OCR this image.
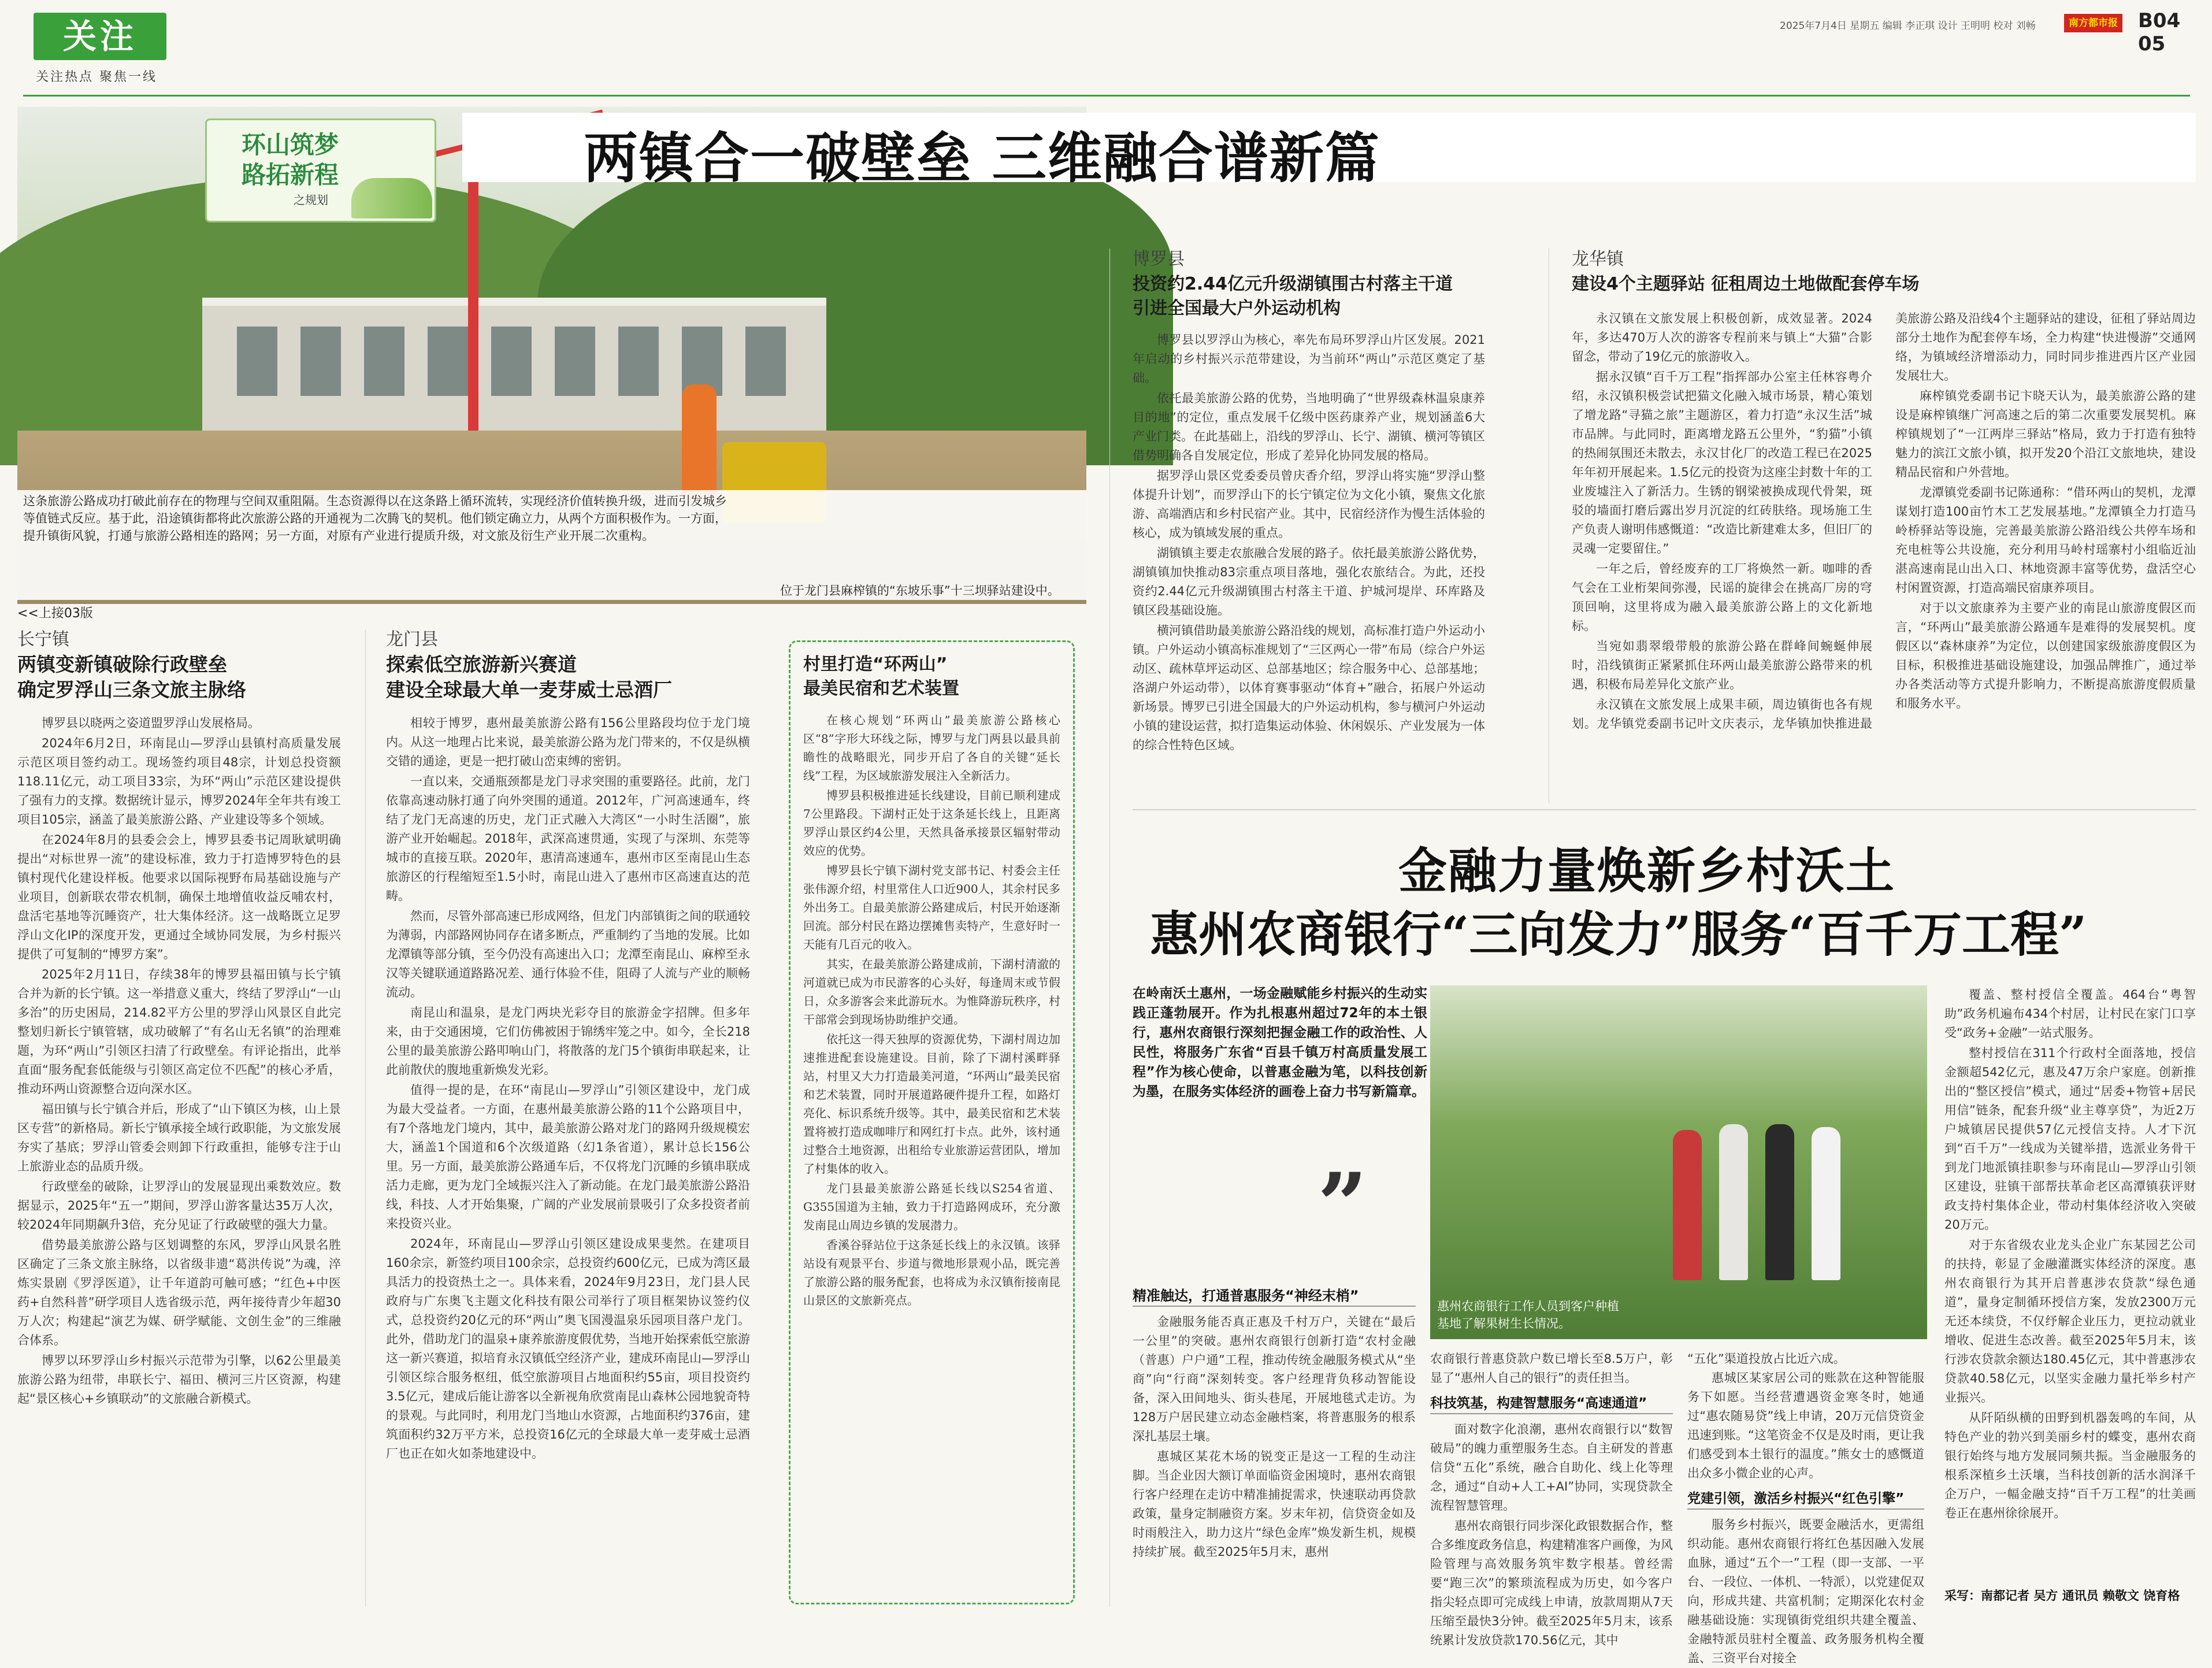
关注
关注热点 聚焦一线
2025年7月4日 星期五 编辑 李正琪 设计 王明明 校对 刘畅	南方都市报 B04 05
环山筑梦
路拓新程
之规划
两镇合一破壁垒 三维融合谱新篇
这条旅游公路成功打破此前存在的物理与空间双重阻隔。生态资源得以在这条路上循环流转，实现经济价值转换升级，进而引发城乡等值链式反应。基于此，沿途镇街都将此次旅游公路的开通视为二次腾飞的契机。他们锁定确立力，从两个方面积极作为。一方面，提升镇街风貌，打通与旅游公路相连的路网；另一方面，对原有产业进行提质升级，对文旅及衍生产业开展二次重构。
位于龙门县麻榨镇的“东坡乐事”十三坝驿站建设中。
<<上接03版
长宁镇
两镇变新镇破除行政壁垒
确定罗浮山三条文旅主脉络

博罗县以晓两之姿道盟罗浮山发展格局。

2024年6月2日，环南昆山—罗浮山县镇村高质量发展示范区项目签约动工。现场签约项目48宗，计划总投资额118.11亿元，动工项目33宗，为环“两山”示范区建设提供了强有力的支撑。数据统计显示，博罗2024年全年共有竣工项目105宗，涵盖了最美旅游公路、产业建设等多个领域。

在2024年8月的县委会会上，博罗县委书记周耿斌明确提出“对标世界一流”的建设标准，致力于打造博罗特色的县镇村现代化建设样板。他要求以国际视野布局基础设施与产业项目，创新联农带农机制，确保土地增值收益反哺农村，盘活宅基地等沉睡资产，壮大集体经济。这一战略既立足罗浮山文化IP的深度开发，更通过全域协同发展，为乡村振兴提供了可复制的“博罗方案”。

2025年2月11日，存续38年的博罗县福田镇与长宁镇合并为新的长宁镇。这一举措意义重大，终结了罗浮山“一山多治”的历史困局，214.82平方公里的罗浮山风景区自此完整划归新长宁镇管辖，成功破解了“有名山无名镇”的治理难题，为环“两山”引领区扫清了行政壁垒。有评论指出，此举直面“服务配套低能级与引领区高定位不匹配”的核心矛盾，推动环两山资源整合迈向深水区。

福田镇与长宁镇合并后，形成了“山下镇区为核，山上景区专营”的新格局。新长宁镇承接全域行政职能，为文旅发展夯实了基底；罗浮山管委会则卸下行政重担，能够专注于山上旅游业态的品质升级。

行政壁垒的破除，让罗浮山的发展显现出乘数效应。数据显示，2025年“五一”期间，罗浮山游客量达35万人次，较2024年同期飙升3倍，充分见证了行政破壁的强大力量。

借势最美旅游公路与区划调整的东风，罗浮山风景名胜区确定了三条文旅主脉络，以省级非遗“葛洪传说”为魂，淬炼实景剧《罗浮医道》，让千年道韵可触可感；“红色+中医药+自然科普”研学项目人选省级示范，两年接待青少年超30万人次；构建起“演艺为媒、研学赋能、文创生金”的三维融合体系。

博罗以环罗浮山乡村振兴示范带为引擎，以62公里最美旅游公路为纽带，串联长宁、福田、横河三片区资源，构建起“景区核心+乡镇联动”的文旅融合新模式。

龙门县
探索低空旅游新兴赛道
建设全球最大单一麦芽威士忌酒厂

相较于博罗，惠州最美旅游公路有156公里路段均位于龙门境内。从这一地理占比来说，最美旅游公路为龙门带来的，不仅是纵横交错的通途，更是一把打破山峦束缚的密钥。

一直以来，交通瓶颈都是龙门寻求突围的重要路径。此前，龙门依靠高速动脉打通了向外突围的通道。2012年，广河高速通车，终结了龙门无高速的历史，龙门正式融入大湾区“一小时生活圈”，旅游产业开始崛起。2018年，武深高速贯通，实现了与深圳、东莞等城市的直接互联。2020年，惠清高速通车，惠州市区至南昆山生态旅游区的行程缩短至1.5小时，南昆山进入了惠州市区高速直达的范畴。

然而，尽管外部高速已形成网络，但龙门内部镇街之间的联通较为薄弱，内部路网协同存在诸多断点，严重制约了当地的发展。比如龙潭镇等部分镇，至今仍没有高速出入口；龙潭至南昆山、麻榨至永汉等关键联通道路路况差、通行体验不佳，阻碍了人流与产业的顺畅流动。

南昆山和温泉，是龙门两块光彩夺目的旅游金字招牌。但多年来，由于交通困境，它们仿佛被困于锦绣牢笼之中。如今，全长218公里的最美旅游公路叩响山门，将散落的龙门5个镇街串联起来，让此前散伏的腹地重新焕发光彩。

值得一提的是，在环“南昆山—罗浮山”引领区建设中，龙门成为最大受益者。一方面，在惠州最美旅游公路的11个公路项目中，有7个落地龙门境内，其中，最美旅游公路对龙门的路网升级规模宏大，涵盖1个国道和6个次级道路（幻1条省道），累计总长156公里。另一方面，最美旅游公路通车后，不仅将龙门沉睡的乡镇串联成活力走廊，更为龙门全域振兴注入了新动能。在龙门最美旅游公路沿线，科技、人才开始集聚，广阔的产业发展前景吸引了众多投资者前来投资兴业。

2024年，环南昆山—罗浮山引领区建设成果斐然。在建项目160余宗，新签约项目100余宗，总投资约600亿元，已成为湾区最具活力的投资热土之一。具体来看，2024年9月23日，龙门县人民政府与广东奥飞主题文化科技有限公司举行了项目框架协议签约仪式，总投资约20亿元的环“两山”奥飞国漫温泉乐园项目落户龙门。此外，借助龙门的温泉+康养旅游度假优势，当地开始探索低空旅游这一新兴赛道，拟培育永汉镇低空经济产业，建成环南昆山—罗浮山引领区综合服务枢纽，低空旅游项目占地面积约55亩，项目投资约3.5亿元，建成后能让游客以全新视角欣赏南昆山森林公园地貌奇特的景观。与此同时，利用龙门当地山水资源，占地面积约376亩，建筑面积约32万平方米，总投资16亿元的全球最大单一麦芽威士忌酒厂也正在如火如荼地建设中。

村里打造“环两山”
最美民宿和艺术装置

在核心规划“环两山”最美旅游公路核心区“8”字形大环线之际，博罗与龙门两县以最具前瞻性的战略眼光，同步开启了各自的关键“延长线”工程，为区域旅游发展注入全新活力。

博罗县积极推进延长线建设，目前已顺利建成7公里路段。下湖村正处于这条延长线上，且距离罗浮山景区约4公里，天然具备承接景区辐射带动效应的优势。

博罗县长宁镇下湖村党支部书记、村委会主任张伟源介绍，村里常住人口近900人，其余村民多外出务工。自最美旅游公路建成后，村民开始逐渐回流。部分村民在路边摆摊售卖特产，生意好时一天能有几百元的收入。

其实，在最美旅游公路建成前，下湖村清澈的河道就已成为市民游客的心头好，每逢周末或节假日，众多游客会来此游玩水。为惟降游玩秩序，村干部常会到现场协助维护交通。

依托这一得天独厚的资源优势，下湖村周边加速推进配套设施建设。目前，除了下湖村溪畔驿站，村里又大力打造最美河道，“环两山”最美民宿和艺术装置，同时开展道路硬件提升工程，如路灯亮化、标识系统升级等。其中，最美民宿和艺术装置将被打造成咖啡厅和网红打卡点。此外，该村通过整合土地资源，出租给专业旅游运营团队，增加了村集体的收入。

龙门县最美旅游公路延长线以S254省道、G355国道为主轴，致力于打造路网成环，充分激发南昆山周边乡镇的发展潜力。

香溪谷驿站位于这条延长线上的永汉镇。该驿站设有观景平台、步道与微地形景观小品，既完善了旅游公路的服务配套，也将成为永汉镇衔接南昆山景区的文旅新亮点。

博罗县
投资约2.44亿元升级湖镇围古村落主干道
引进全国最大户外运动机构

博罗县以罗浮山为核心，率先布局环罗浮山片区发展。2021年启动的乡村振兴示范带建设，为当前环“两山”示范区奠定了基础。

依托最美旅游公路的优势，当地明确了“世界级森林温泉康养目的地”的定位，重点发展千亿级中医药康养产业，规划涵盖6大产业门类。在此基础上，沿线的罗浮山、长宁、湖镇、横河等镇区借势明确各自发展定位，形成了差异化协同发展的格局。

据罗浮山景区党委委员曾庆香介绍，罗浮山将实施“罗浮山整体提升计划”，而罗浮山下的长宁镇定位为文化小镇，聚焦文化旅游、高端酒店和乡村民宿产业。其中，民宿经济作为慢生活体验的核心，成为镇域发展的重点。

湖镇镇主要走农旅融合发展的路子。依托最美旅游公路优势，湖镇镇加快推动83宗重点项目落地，强化农旅结合。为此，还投资约2.44亿元升级湖镇围古村落主干道、护城河堤岸、环库路及镇区段基础设施。

横河镇借助最美旅游公路沿线的规划，高标准打造户外运动小镇。户外运动小镇高标准规划了“三区两心一带”布局（综合户外运动区、疏林草坪运动区、总部基地区；综合服务中心、总部基地；洛湖户外运动带），以体育赛事驱动“体育+”融合，拓展户外运动新场景。博罗已引进全国最大的户外运动机构，参与横河户外运动小镇的建设运营，拟打造集运动体验、休闲娱乐、产业发展为一体的综合性特色区域。

龙华镇
建设4个主题驿站 征租周边土地做配套停车场

永汉镇在文旅发展上积极创新，成效显著。2024年，多达470万人次的游客专程前来与镇上“大猫”合影留念，带动了19亿元的旅游收入。

据永汉镇“百千万工程”指挥部办公室主任林容粤介绍，永汉镇积极尝试把猫文化融入城市场景，精心策划了增龙路“寻猫之旅”主题游区，着力打造“永汉生活”城市品牌。与此同时，距离增龙路五公里外，“豹猫”小镇的热闹氛围还未散去，永汉甘化厂的改造工程已在2025年年初开展起来。1.5亿元的投资为这座尘封数十年的工业废墟注入了新活力。生锈的钢梁被换成现代骨架，斑驳的墙面打磨后露出岁月沉淀的红砖肤络。现场施工生产负责人谢明伟感慨道：“改造比新建难太多，但旧厂的灵魂一定要留住。”

一年之后，曾经废弃的工厂将焕然一新。咖啡的香气会在工业桁架间弥漫，民谣的旋律会在挑高厂房的穹顶回响，这里将成为融入最美旅游公路上的文化新地标。

当宛如翡翠缎带般的旅游公路在群峰间蜿蜒伸展时，沿线镇街正紧紧抓住环两山最美旅游公路带来的机遇，积极布局差异化文旅产业。

永汉镇在文旅发展上成果丰硕，周边镇街也各有规划。龙华镇党委副书记叶文庆表示，龙华镇加快推进最美旅游公路及沿线4个主题驿站的建设，征租了驿站周边部分土地作为配套停车场，全力构建“快进慢游”交通网络，为镇域经济增添动力，同时同步推进西片区产业园发展壮大。

麻榨镇党委副书记卞晓天认为，最美旅游公路的建设是麻榨镇继广河高速之后的第二次重要发展契机。麻榨镇规划了“一江两岸三驿站”格局，致力于打造有独特魅力的滨江文旅小镇，拟开发20个沿江文旅地块，建设精品民宿和户外营地。

龙潭镇党委副书记陈通称：“借环两山的契机，龙潭谋划打造100亩竹木工艺发展基地。”龙潭镇全力打造马岭桥驿站等设施，完善最美旅游公路沿线公共停车场和充电桩等公共设施，充分利用马岭村瑶寨村小组临近汕湛高速南昆山出入口、林地资源丰富等优势，盘活空心村闲置资源，打造高端民宿康养项目。

对于以文旅康养为主要产业的南昆山旅游度假区而言，“环两山”最美旅游公路通车是难得的发展契机。度假区以“森林康养”为定位，以创建国家级旅游度假区为目标，积极推进基础设施建设，加强品牌推广，通过举办各类活动等方式提升影响力，不断提高旅游度假质量和服务水平。

金融力量焕新乡村沃土
惠州农商银行“三向发力”服务“百千万工程”
在岭南沃土惠州，一场金融赋能乡村振兴的生动实践正蓬勃展开。作为扎根惠州超过72年的本土银行，惠州农商银行深刻把握金融工作的政治性、人民性，将服务广东省“百县千镇万村高质量发展工程”作为核心使命，以普惠金融为笔，以科技创新为墨，在服务实体经济的画卷上奋力书写新篇章。
”
惠州农商银行工作人员到客户种植基地了解果树生长情况。
精准触达，打通普惠服务“神经末梢”

金融服务能否真正惠及千村万户，关键在“最后一公里”的突破。惠州农商银行创新打造“农村金融（普惠）户户通”工程，推动传统金融服务模式从“坐商”向“行商”深刻转变。客户经理背负移动智能设备，深入田间地头、街头巷尾，开展地毯式走访。为128万户居民建立动态金融档案，将普惠服务的根系深扎基层土壤。

惠城区某花木场的锐变正是这一工程的生动注脚。当企业因大额订单面临资金困境时，惠州农商银行客户经理在走访中精准捕捉需求，快速联动再贷款政策，量身定制融资方案。岁末年初，信贷资金如及时雨般注入，助力这片“绿色金库”焕发新生机，规模持续扩展。截至2025年5月末，惠州

农商银行普惠贷款户数已增长至8.5万户，彰显了“惠州人自己的银行”的责任担当。
科技筑基，构建智慧服务“高速通道”

面对数字化浪潮，惠州农商银行以“数智破局”的魄力重塑服务生态。自主研发的普惠信贷“五化”系统，融合自助化、线上化等理念，通过“自动+人工+AI”协同，实现贷款全流程智慧管理。

惠州农商银行同步深化政银数据合作，整合多维度政务信息，构建精准客户画像，为风险管理与高效服务筑牢数字根基。曾经需要“跑三次”的繁琐流程成为历史，如今客户指尖轻点即可完成线上申请，放款周期从7天压缩至最快3分钟。截至2025年5月末，该系统累计发放贷款170.56亿元，其中

“五化”渠道投放占比近六成。

惠城区某家居公司的账款在这种智能服务下如愿。当经营遭遇资金寒冬时，她通过“惠农随易贷”线上申请，20万元信贷资金迅速到账。“这笔资金不仅是及时雨，更让我们感受到本土银行的温度。”熊女士的感慨道出众多小微企业的心声。

党建引领，激活乡村振兴“红色引擎”

服务乡村振兴，既要金融活水，更需组织动能。惠州农商银行将红色基因融入发展血脉，通过“五个一”工程（即一支部、一平台、一段位、一体机、一特派），以党建促双向，形成共建、共富机制；定期深化农村金融基础设施：实现镇街党组织共建全覆盖、金融特派员驻村全覆盖、政务服务机构全覆盖、三资平台对接全

覆盖、整村授信全覆盖。464台“粤智助”政务机遍布434个村居，让村民在家门口享受“政务+金融”一站式服务。

整村授信在311个行政村全面落地，授信金额超542亿元，惠及47万余户家庭。创新推出的“整区授信”模式，通过“居委+物管+居民用信”链条，配套升级“业主尊享贷”，为近2万户城镇居民提供57亿元授信支持。人才下沉到“百千万”一线成为关键举措，选派业务骨干到龙门地派镇挂职参与环南昆山—罗浮山引领区建设，驻镇干部帮扶革命老区高潭镇获评财政支持村集体企业，带动村集体经济收入突破20万元。

对于东省级农业龙头企业广东某园艺公司的扶持，彰显了金融灌溉实体经济的深度。惠州农商银行为其开启普惠涉农贷款“绿色通道”，量身定制循环授信方案，发放2300万元无还本续贷，不仅纾解企业压力，更拉动就业增收、促进生态改善。截至2025年5月末，该行涉农贷款余额达180.45亿元，其中普惠涉农贷款40.58亿元，以坚实金融力量托举乡村产业振兴。

从阡陌纵横的田野到机器轰鸣的车间，从特色产业的勃兴到美丽乡村的蝶变，惠州农商银行始终与地方发展同频共振。当金融服务的根系深植乡土沃壤，当科技创新的活水润泽千企万户，一幅金融支持“百千万工程”的壮美画卷正在惠州徐徐展开。

采写：南都记者 吴方 通讯员 赖敬文 饶育格
